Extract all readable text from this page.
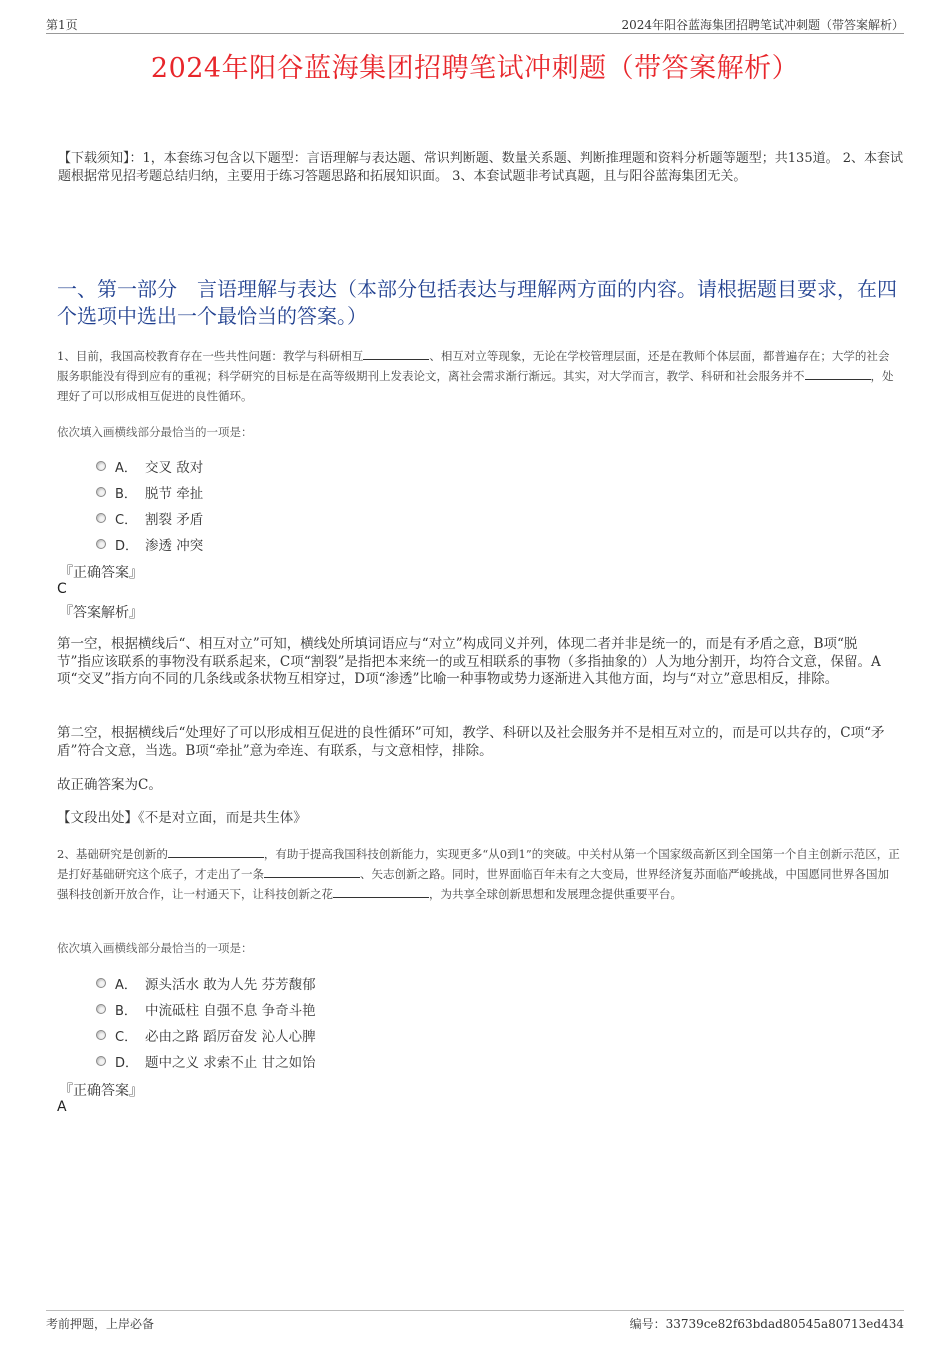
第1页	2024年阳谷蓝海集团招聘笔试冲刺题（带答案解析）
2024年阳谷蓝海集团招聘笔试冲刺题（带答案解析）
【下载须知】：1，本套练习包含以下题型：言语理解与表达题、常识判断题、数量关系题、判断推理题和资料分析题等题型；共135道。 2、本套试题根据常见招考题总结归纳，主要用于练习答题思路和拓展知识面。 3、本套试题非考试真题，且与阳谷蓝海集团无关。
一、第一部分　言语理解与表达（本部分包括表达与理解两方面的内容。请根据题目要求，在四个选项中选出一个最恰当的答案。）
1、目前，我国高校教育存在一些共性问题：教学与科研相互	、相互对立等现象，无论在学校管理层面，还是在教师个体层面，都普遍存在；大学的社会服务职能没有得到应有的重视；科学研究的目标是在高等级期刊上发表论文，离社会需求渐行渐远。其实，对大学而言，教学、科研和社会服务并不	，处理好了可以形成相互促进的良性循环。
依次填入画横线部分最恰当的一项是：
A． 交叉 敌对
B． 脱节 牵扯
C． 割裂 矛盾
D． 渗透 冲突
『正确答案』
C
『答案解析』
第一空，根据横线后“、相互对立”可知，横线处所填词语应与“对立”构成同义并列，体现二者并非是统一的，而是有矛盾之意，B项“脱节”指应该联系的事物没有联系起来，C项“割裂”是指把本来统一的或互相联系的事物（多指抽象的）人为地分割开，均符合文意，保留。A项“交叉”指方向不同的几条线或条状物互相穿过，D项“渗透”比喻一种事物或势力逐渐进入其他方面，均与“对立”意思相反，排除。
第二空，根据横线后“处理好了可以形成相互促进的良性循环”可知，教学、科研以及社会服务并不是相互对立的，而是可以共存的，C项“矛盾”符合文意，当选。B项“牵扯”意为牵连、有联系，与文意相悖，排除。
故正确答案为C。
【文段出处】《不是对立面，而是共生体》
2、基础研究是创新的	，有助于提高我国科技创新能力，实现更多“从0到1”的突破。中关村从第一个国家级高新区到全国第一个自主创新示范区，正是打好基础研究这个底子，才走出了一条	、矢志创新之路。同时，世界面临百年未有之大变局，世界经济复苏面临严峻挑战，中国愿同世界各国加强科技创新开放合作，让一村通天下，让科技创新之花	，为共享全球创新思想和发展理念提供重要平台。
依次填入画横线部分最恰当的一项是：
A． 源头活水 敢为人先 芬芳馥郁
B． 中流砥柱 自强不息 争奇斗艳
C． 必由之路 蹈厉奋发 沁人心脾
D． 题中之义 求索不止 甘之如饴
『正确答案』
A
考前押题，上岸必备	编号：33739ce82f63bdad80545a80713ed434
